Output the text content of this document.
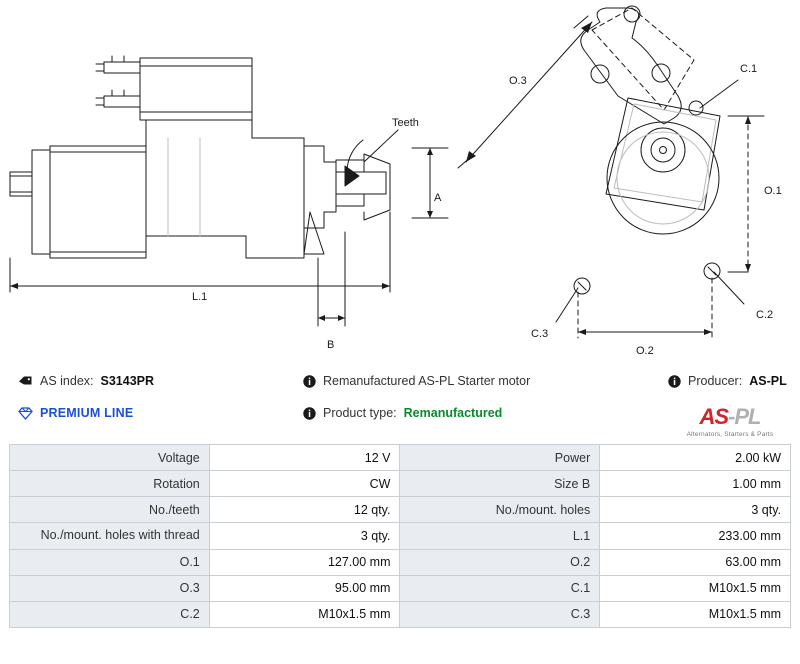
Teeth
A
B
L.1
O.3
O.1
O.2
C.1
C.2
C.3
AS index: S3143PR	Remanufactured AS-PL Starter motor	Producer: AS-PL
PREMIUM LINE	Product type: Remanufactured	AS-PL
Alternators, Starters & Parts
Voltage	12 V	Power	2.00 kW
Rotation	CW	Size B	1.00 mm
No./teeth	12 qty.	No./mount. holes	3 qty.
No./mount. holes with thread	3 qty.	L.1	233.00 mm
O.1	127.00 mm	O.2	63.00 mm
O.3	95.00 mm	C.1	M10x1.5 mm
C.2	M10x1.5 mm	C.3	M10x1.5 mm
